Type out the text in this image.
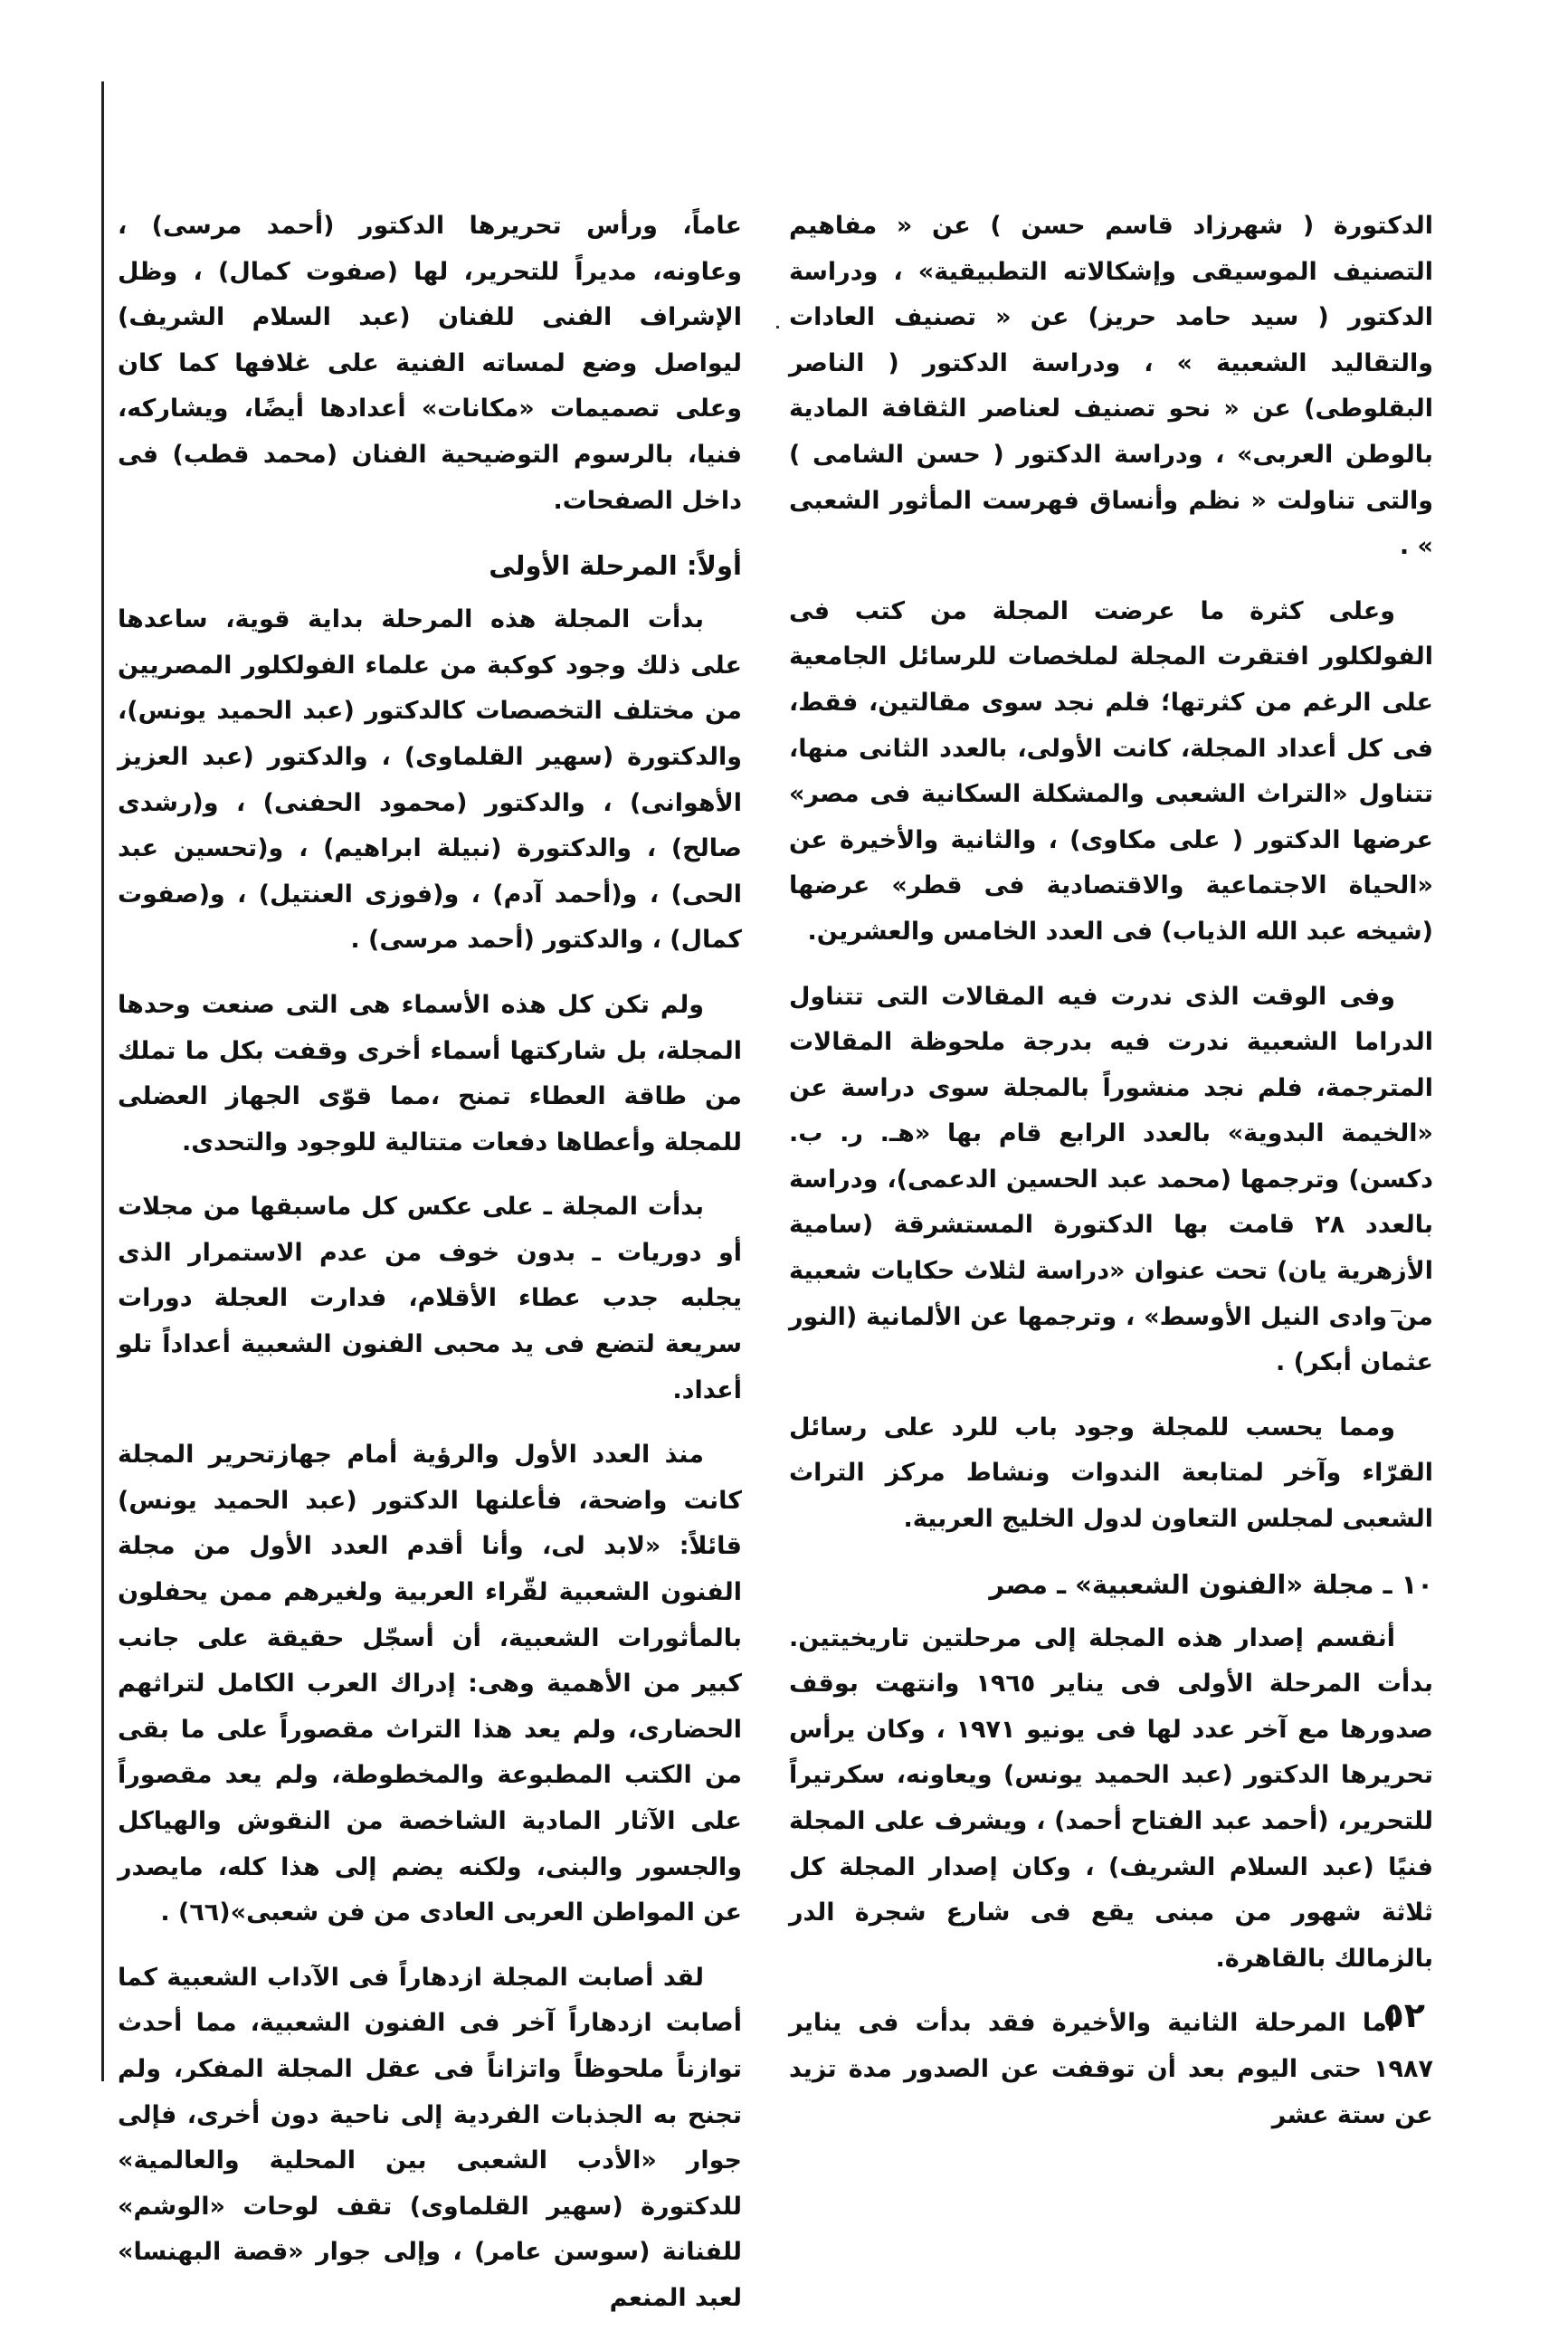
الدكتورة ( شهرزاد قاسم حسن ) عن « مفاهيم التصنيف الموسيقى وإشكالاته التطبيقية» ، ودراسة الدكتور ( سيد حامد حريز) عن « تصنيف العادات والتقاليد الشعبية » ، ودراسة الدكتور ( الناصر البقلوطى) عن « نحو تصنيف لعناصر الثقافة المادية بالوطن العربى» ، ودراسة الدكتور ( حسن الشامى ) والتى تناولت « نظم وأنساق فهرست المأثور الشعبى » .

وعلى كثرة ما عرضت المجلة من كتب فى الفولكلور افتقرت المجلة لملخصات للرسائل الجامعية على الرغم من كثرتها؛ فلم نجد سوى مقالتين، فقط، فى كل أعداد المجلة، كانت الأولى، بالعدد الثانى منها، تتناول «التراث الشعبى والمشكلة السكانية فى مصر» عرضها الدكتور ( على مكاوى) ، والثانية والأخيرة عن «الحياة الاجتماعية والاقتصادية فى قطر» عرضها (شيخه عبد الله الذياب) فى العدد الخامس والعشرين.

وفى الوقت الذى ندرت فيه المقالات التى تتناول الدراما الشعبية ندرت فيه بدرجة ملحوظة المقالات المترجمة، فلم نجد منشوراً بالمجلة سوى دراسة عن «الخيمة البدوية» بالعدد الرابع قام بها «هـ. ر. ب. دكسن) وترجمها (محمد عبد الحسين الدعمى)، ودراسة بالعدد ٢٨ قامت بها الدكتورة المستشرقة (سامية الأزهرية يان) تحت عنوان «دراسة لثلاث حكايات شعبية من وادى النيل الأوسط» ، وترجمها عن الألمانية (النور عثمان أبكر) .

ومما يحسب للمجلة وجود باب للرد على رسائل القرّاء وآخر لمتابعة الندوات ونشاط مركز التراث الشعبى لمجلس التعاون لدول الخليج العربية.

١٠ ـ مجلة «الفنون الشعبية» ـ مصر

أنقسم إصدار هذه المجلة إلى مرحلتين تاريخيتين. بدأت المرحلة الأولى فى يناير ١٩٦٥ وانتهت بوقف صدورها مع آخر عدد لها فى يونيو ١٩٧١ ، وكان يرأس تحريرها الدكتور (عبد الحميد يونس) ويعاونه، سكرتيراً للتحرير، (أحمد عبد الفتاح أحمد) ، ويشرف على المجلة فنيًا (عبد السلام الشريف) ، وكان إصدار المجلة كل ثلاثة شهور من مبنى يقع فى شارع شجرة الدر بالزمالك بالقاهرة.

أما المرحلة الثانية والأخيرة فقد بدأت فى يناير ١٩٨٧ حتى اليوم بعد أن توقفت عن الصدور مدة تزيد عن ستة عشر

عاماً، ورأس تحريرها الدكتور (أحمد مرسى) ، وعاونه، مديراً للتحرير، لها (صفوت كمال) ، وظل الإشراف الفنى للفنان (عبد السلام الشريف) ليواصل وضع لمساته الفنية على غلافها كما كان وعلى تصميمات «مكانات» أعدادها أيضًا، ويشاركه، فنيا، بالرسوم التوضيحية الفنان (محمد قطب) فى داخل الصفحات.

أولاً: المرحلة الأولى

بدأت المجلة هذه المرحلة بداية قوية، ساعدها على ذلك وجود كوكبة من علماء الفولكلور المصريين من مختلف التخصصات كالدكتور (عبد الحميد يونس)، والدكتورة (سهير القلماوى) ، والدكتور (عبد العزيز الأهوانى) ، والدكتور (محمود الحفنى) ، و(رشدى صالح) ، والدكتورة (نبيلة ابراهيم) ، و(تحسين عبد الحى) ، و(أحمد آدم) ، و(فوزى العنتيل) ، و(صفوت كمال) ، والدكتور (أحمد مرسى) .

ولم تكن كل هذه الأسماء هى التى صنعت وحدها المجلة، بل شاركتها أسماء أخرى وقفت بكل ما تملك من طاقة العطاء تمنح ،مما قوّى الجهاز العضلى للمجلة وأعطاها دفعات متتالية للوجود والتحدى.

بدأت المجلة ـ على عكس كل ماسبقها من مجلات أو دوريات ـ بدون خوف من عدم الاستمرار الذى يجلبه جدب عطاء الأقلام، فدارت العجلة دورات سريعة لتضع فى يد محبى الفنون الشعبية أعداداً تلو أعداد.

منذ العدد الأول والرؤية أمام جهازتحرير المجلة كانت واضحة، فأعلنها الدكتور (عبد الحميد يونس) قائلاً: «لابد لى، وأنا أقدم العدد الأول من مجلة الفنون الشعبية لقّراء العربية ولغيرهم ممن يحفلون بالمأثورات الشعبية، أن أسجّل حقيقة على جانب كبير من الأهمية وهى: إدراك العرب الكامل لتراثهم الحضارى، ولم يعد هذا التراث مقصوراً على ما بقى من الكتب المطبوعة والمخطوطة، ولم يعد مقصوراً على الآثار المادية الشاخصة من النقوش والهياكل والجسور والبنى، ولكنه يضم إلى هذا كله، مايصدر عن المواطن العربى العادى من فن شعبى»(٦٦) .

لقد أصابت المجلة ازدهاراً فى الآداب الشعبية كما أصابت ازدهاراً آخر فى الفنون الشعبية، مما أحدث توازناً ملحوظاً واتزاناً فى عقل المجلة المفكر، ولم تجنح به الجذبات الفردية إلى ناحية دون أخرى، فإلى جوار «الأدب الشعبى بين المحلية والعالمية» للدكتورة (سهير القلماوى) تقف لوحات «الوشم» للفنانة (سوسن عامر) ، وإلى جوار «قصة البهنسا» لعبد المنعم

٥٢
